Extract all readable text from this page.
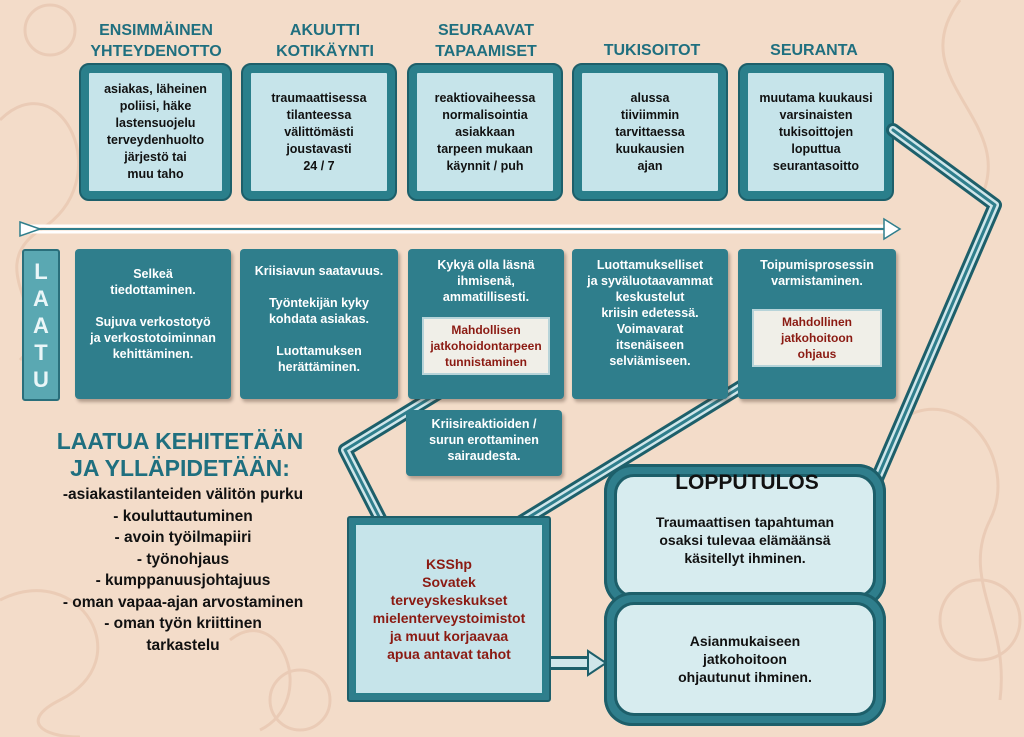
ENSIMMÄINEN
YHTEYDENOTTO
AKUUTTI
KOTIKÄYNTI
SEURAAVAT
TAPAAMISET	TUKISOITOT	SEURANTA
asiakas, läheinen
poliisi, häke
lastensuojelu
terveydenhuolto
järjestö tai
muu taho
traumaattisessa
tilanteessa
välittömästi
joustavasti
24 / 7
reaktiovaiheessa
normalisointia
asiakkaan
tarpeen mukaan
käynnit / puh
alussa
tiiviimmin
tarvittaessa
kuukausien
ajan
muutama kuukausi
varsinaisten
tukisoittojen
loputtua
seurantasoitto
L
A
A
T
U
Selkeä
tiedottaminen.

Sujuva verkostotyö
ja verkostotoiminnan
kehittäminen.
Kriisiavun saatavuus.

Työntekijän kyky
kohdata asiakas.

Luottamuksen
herättäminen.
Kykyä olla läsnä
ihmisenä,
ammatillisesti.
Mahdollisen
jatkohoidontarpeen
tunnistaminen
Luottamukselliset
ja syväluotaavammat
keskustelut
kriisin edetessä.
Voimavarat
itsenäiseen
selviämiseen.
Toipumisprosessin
varmistaminen.
Mahdollinen
jatkohoitoon
ohjaus
Kriisireaktioiden /
surun erottaminen
sairaudesta.
LAATUA KEHITETÄÄN
JA YLLÄPIDETÄÄN:
-asiakastilanteiden välitön purku
- kouluttautuminen
- avoin työilmapiiri
- työnohjaus
- kumppanuusjohtajuus
- oman vapaa-ajan arvostaminen
- oman työn kriittinen
tarkastelu
KSShp
Sovatek
terveyskeskukset
mielenterveystoimistot
ja muut korjaavaa
apua antavat tahot
Traumaattisen tapahtuman
osaksi tulevaa elämäänsä
käsitellyt ihminen.
LOPPUTULOS
Asianmukaiseen
jatkohoitoon
ohjautunut ihminen.
